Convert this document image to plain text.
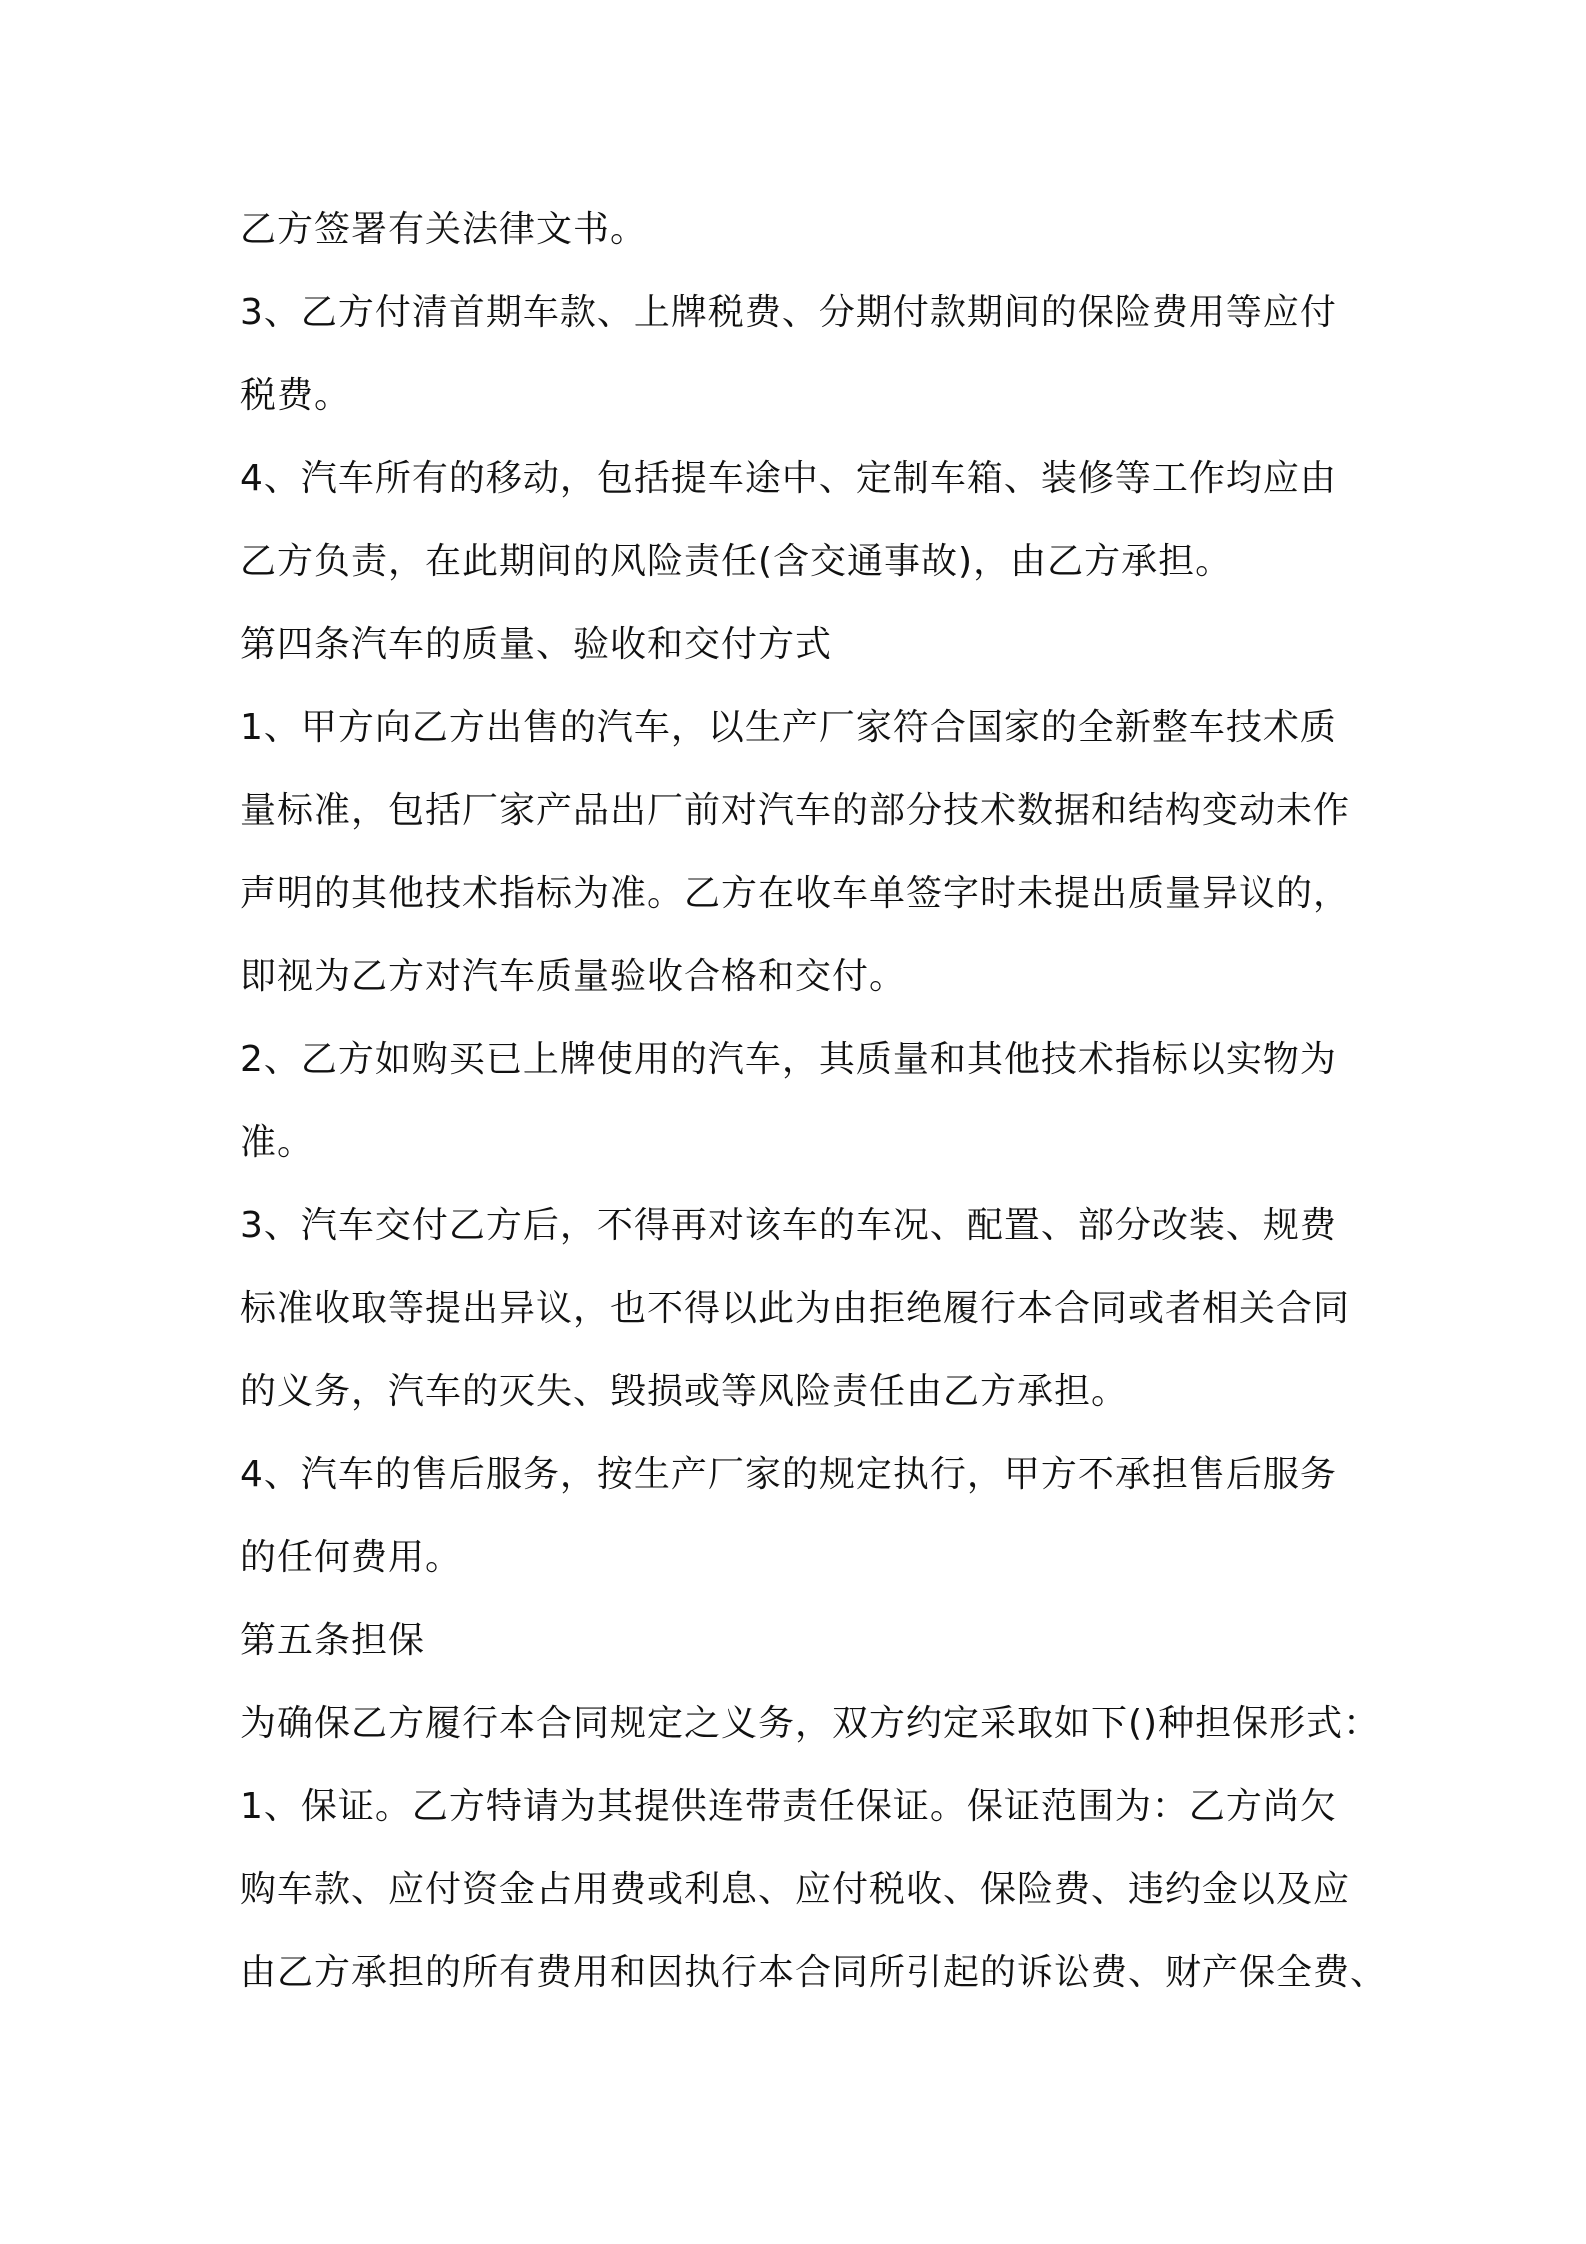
乙方签署有关法律文书。
3、乙方付清首期车款、上牌税费、分期付款期间的保险费用等应付
税费。
4、汽车所有的移动，包括提车途中、定制车箱、装修等工作均应由
乙方负责，在此期间的风险责任(含交通事故)，由乙方承担。
第四条汽车的质量、验收和交付方式
1、甲方向乙方出售的汽车，以生产厂家符合国家的全新整车技术质
量标准，包括厂家产品出厂前对汽车的部分技术数据和结构变动未作
声明的其他技术指标为准。乙方在收车单签字时未提出质量异议的，
即视为乙方对汽车质量验收合格和交付。
2、乙方如购买已上牌使用的汽车，其质量和其他技术指标以实物为
准。
3、汽车交付乙方后，不得再对该车的车况、配置、部分改装、规费
标准收取等提出异议，也不得以此为由拒绝履行本合同或者相关合同
的义务，汽车的灭失、毁损或等风险责任由乙方承担。
4、汽车的售后服务，按生产厂家的规定执行，甲方不承担售后服务
的任何费用。
第五条担保
为确保乙方履行本合同规定之义务，双方约定采取如下()种担保形式：
1、保证。乙方特请为其提供连带责任保证。保证范围为：乙方尚欠
购车款、应付资金占用费或利息、应付税收、保险费、违约金以及应
由乙方承担的所有费用和因执行本合同所引起的诉讼费、财产保全费、
